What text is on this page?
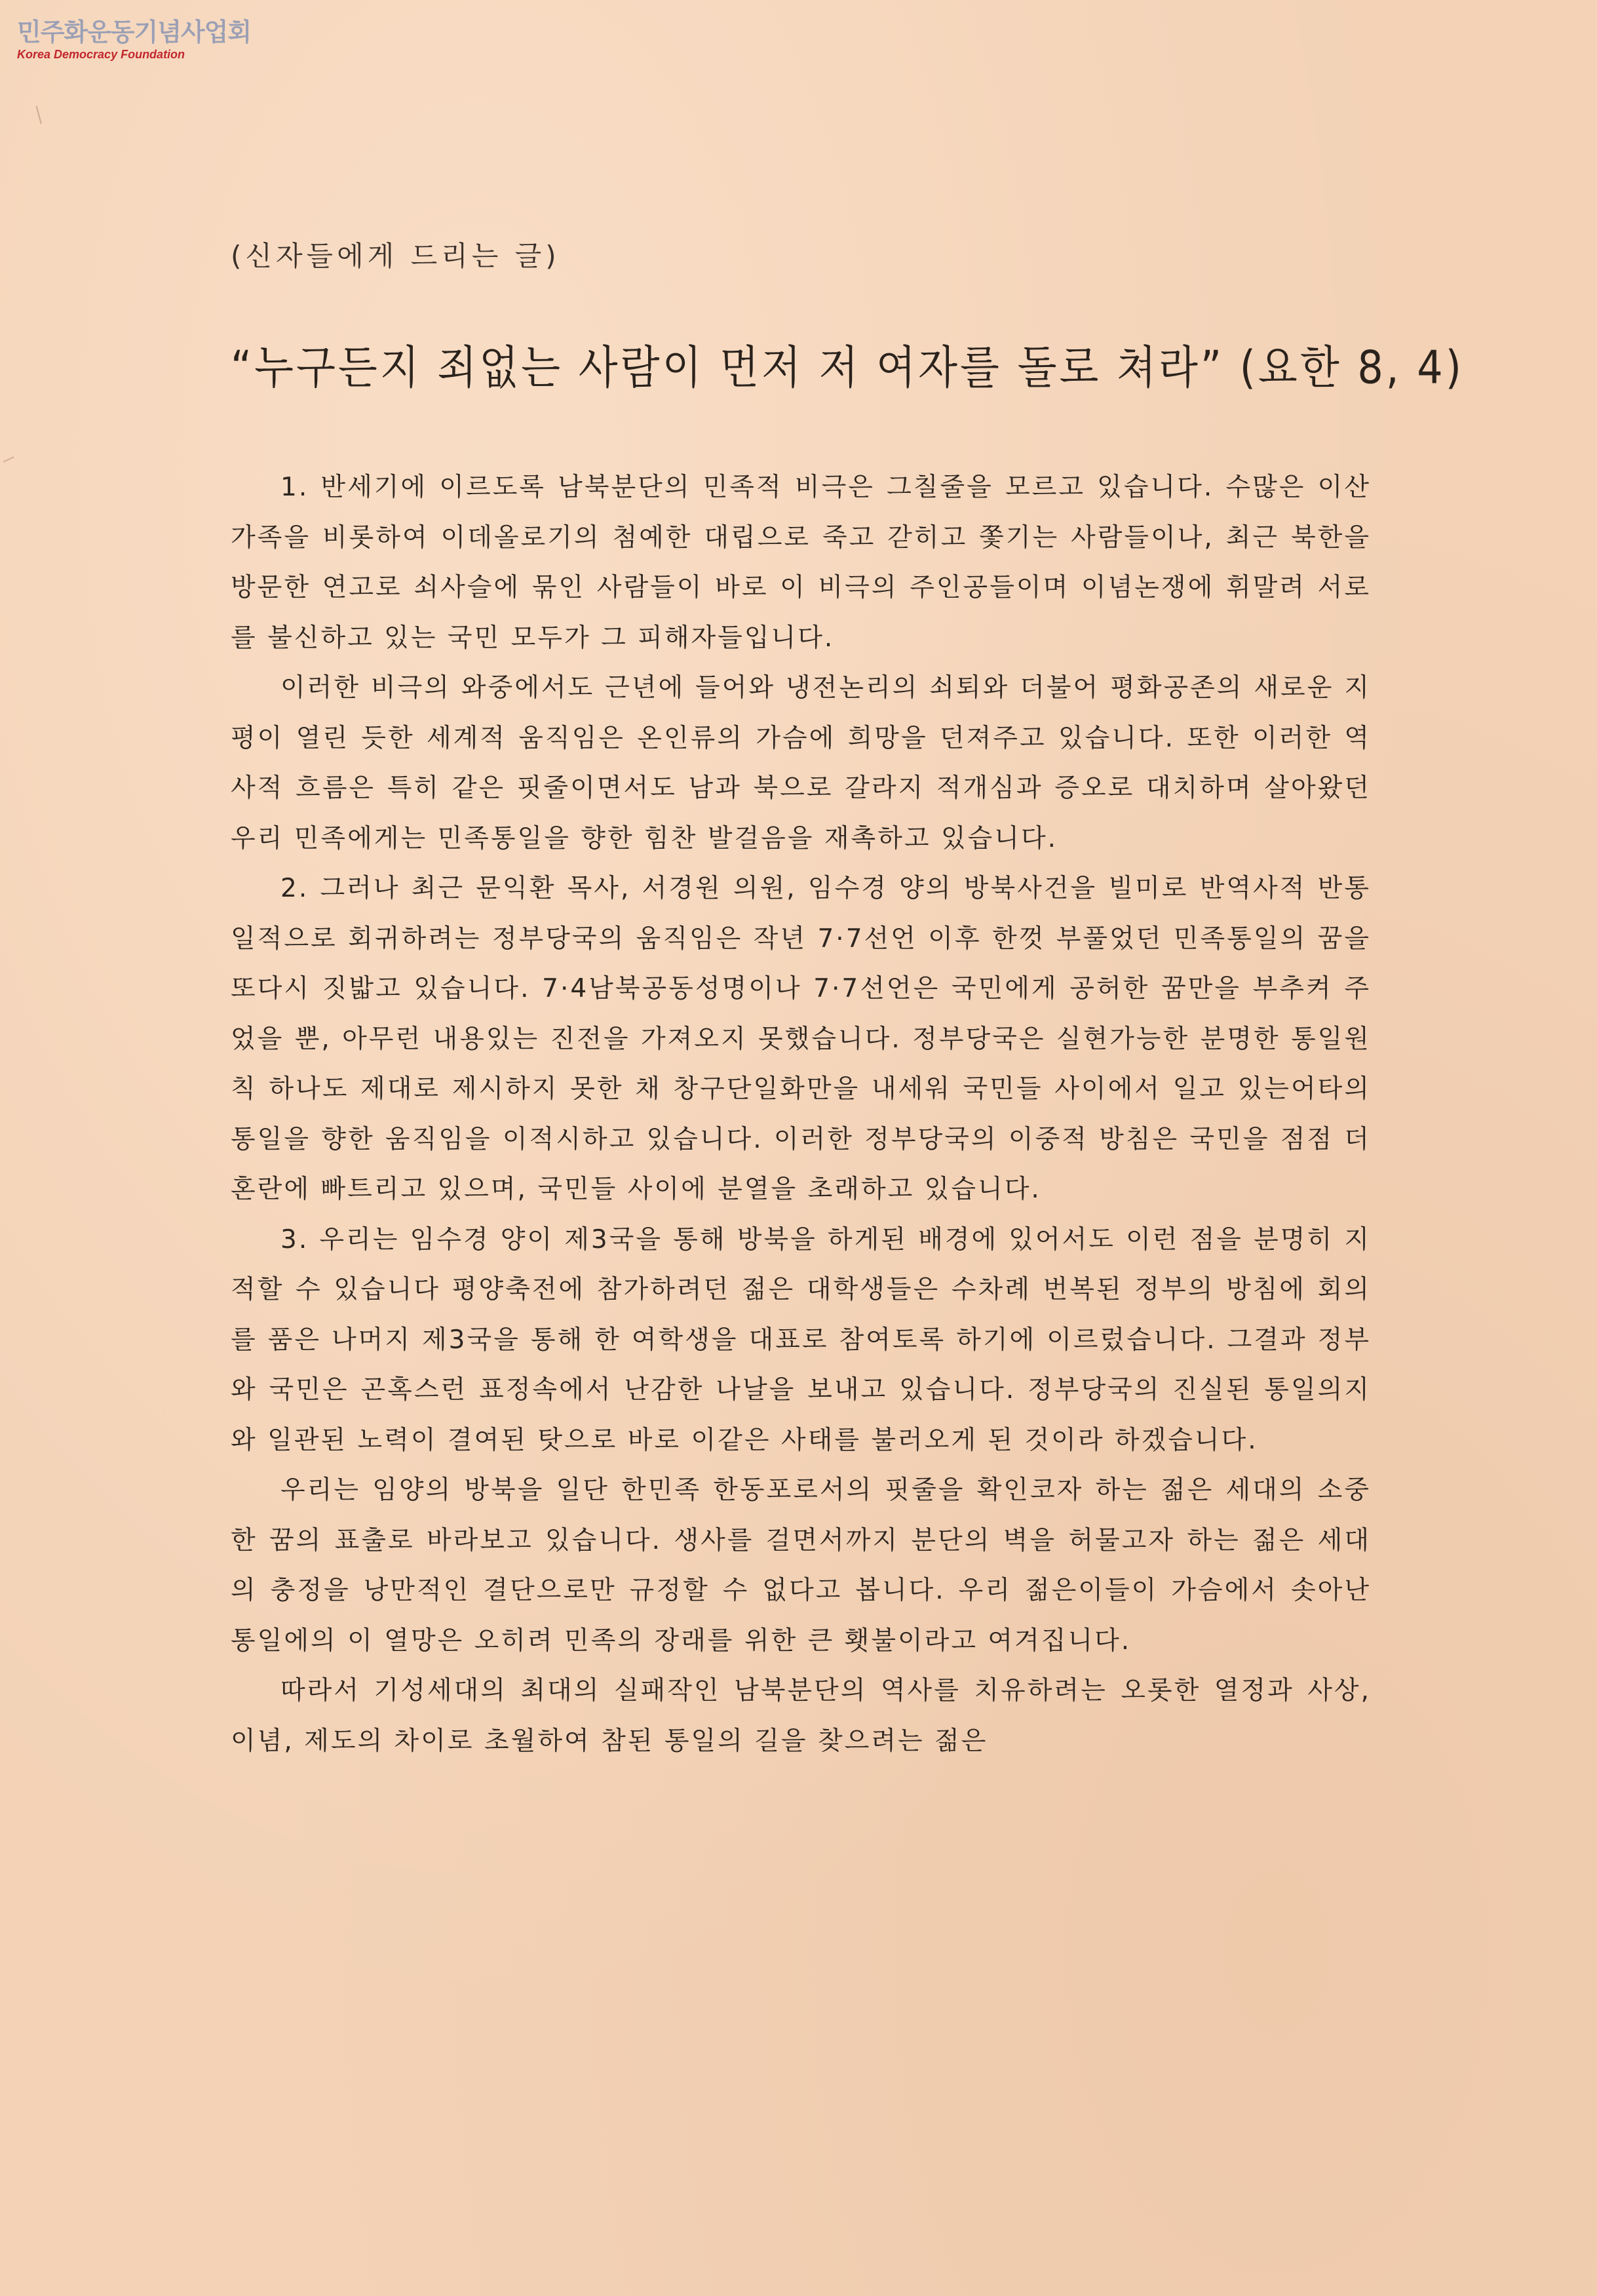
민주화운동기념사업회
Korea Democracy Foundation
(신자들에게 드리는 글)
“누구든지 죄없는 사람이 먼저 저 여자를 돌로 쳐라” (요한 8, 4)

1. 반세기에 이르도록 남북분단의 민족적 비극은 그칠줄을 모르고 있습니다. 수많은 이산가족을 비롯하여 이데올로기의 첨예한 대립으로 죽고 갇히고 쫓기는 사람들이나, 최근 북한을 방문한 연고로 쇠사슬에 묶인 사람들이 바로 이 비극의 주인공들이며 이념논쟁에 휘말려 서로를 불신하고 있는 국민 모두가 그 피해자들입니다.

이러한 비극의 와중에서도 근년에 들어와 냉전논리의 쇠퇴와 더불어 평화공존의 새로운 지평이 열린 듯한 세계적 움직임은 온인류의 가슴에 희망을 던져주고 있습니다. 또한 이러한 역사적 흐름은 특히 같은 핏줄이면서도 남과 북으로 갈라지 적개심과 증오로 대치하며 살아왔던 우리 민족에게는 민족통일을 향한 힘찬 발걸음을 재촉하고 있습니다.

2. 그러나 최근 문익환 목사, 서경원 의원, 임수경 양의 방북사건을 빌미로 반역사적 반통일적으로 회귀하려는 정부당국의 움직임은 작년 7·7선언 이후 한껏 부풀었던 민족통일의 꿈을 또다시 짓밟고 있습니다. 7·4남북공동성명이나 7·7선언은 국민에게 공허한 꿈만을 부추켜 주었을 뿐, 아무런 내용있는 진전을 가져오지 못했습니다. 정부당국은 실현가능한 분명한 통일원칙 하나도 제대로 제시하지 못한 채 창구단일화만을 내세워 국민들 사이에서 일고 있는어타의 통일을 향한 움직임을 이적시하고 있습니다. 이러한 정부당국의 이중적 방침은 국민을 점점 더 혼란에 빠트리고 있으며, 국민들 사이에 분열을 초래하고 있습니다.

3. 우리는 임수경 양이 제3국을 통해 방북을 하게된 배경에 있어서도 이런 점을 분명히 지적할 수 있습니다 평양축전에 참가하려던 젊은 대학생들은 수차례 번복된 정부의 방침에 회의를 품은 나머지 제3국을 통해 한 여학생을 대표로 참여토록 하기에 이르렀습니다. 그결과 정부와 국민은 곤혹스런 표정속에서 난감한 나날을 보내고 있습니다. 정부당국의 진실된 통일의지와 일관된 노력이 결여된 탓으로 바로 이같은 사태를 불러오게 된 것이라 하겠습니다.

우리는 임양의 방북을 일단 한민족 한동포로서의 핏줄을 확인코자 하는 젊은 세대의 소중한 꿈의 표출로 바라보고 있습니다. 생사를 걸면서까지 분단의 벽을 허물고자 하는 젊은 세대의 충정을 낭만적인 결단으로만 규정할 수 없다고 봅니다. 우리 젊은이들이 가슴에서 솟아난 통일에의 이 열망은 오히려 민족의 장래를 위한 큰 횃불이라고 여겨집니다.

따라서 기성세대의 최대의 실패작인 남북분단의 역사를 치유하려는 오롯한 열정과 사상, 이념, 제도의 차이로 초월하여 참된 통일의 길을 찾으려는 젊은
